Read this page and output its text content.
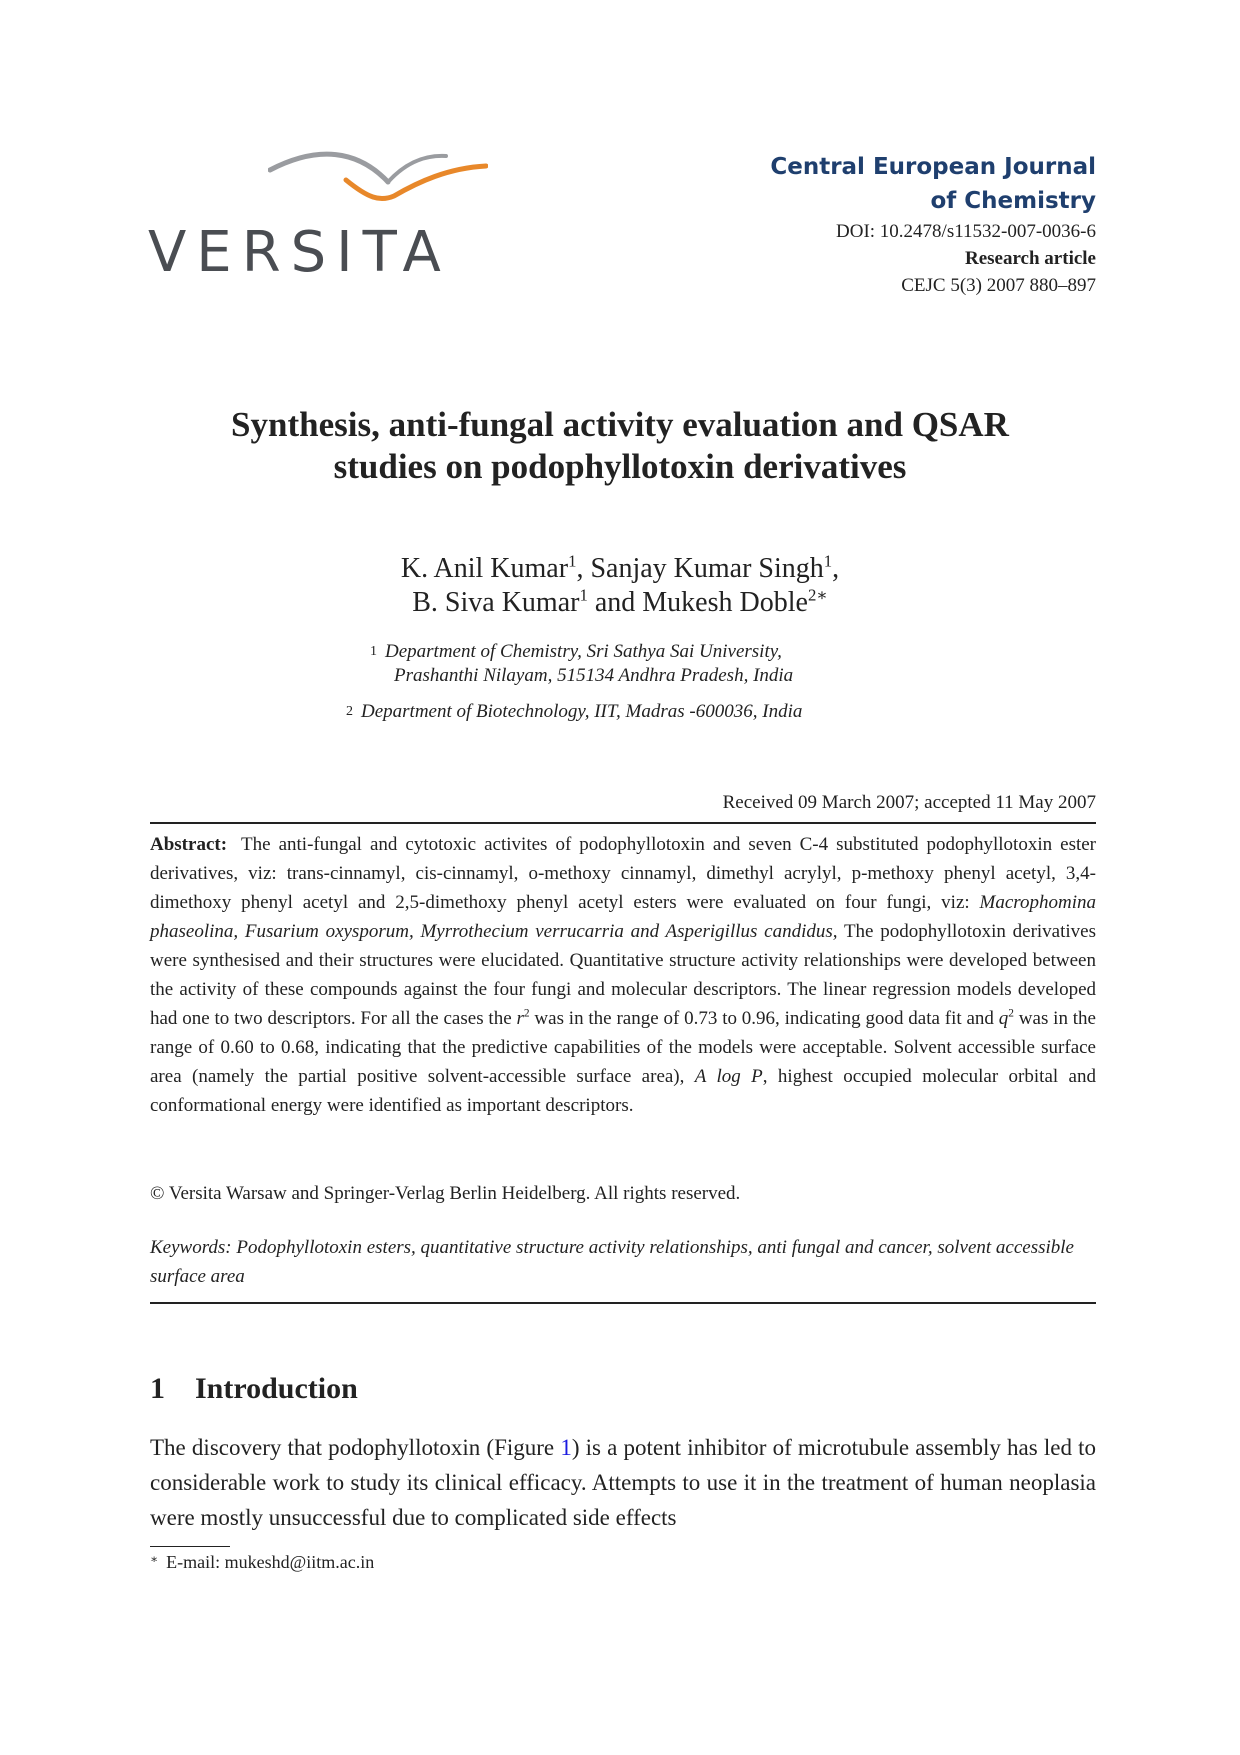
VERSITA
Central European Journal
of Chemistry
DOI: 10.2478/s11532-007-0036-6
Research article
CEJC 5(3) 2007 880–897
Synthesis, anti-fungal activity evaluation and QSAR
studies on podophyllotoxin derivatives
K. Anil Kumar$^1$, Sanjay Kumar Singh$^1$,
B. Siva Kumar$^1$ and Mukesh Doble$^{2∗}$
$^1$ Department of Chemistry, Sri Sathya Sai University,
Prashanthi Nilayam, 515134 Andhra Pradesh, India
$^2$ Department of Biotechnology, IIT, Madras -600036, India
Received 09 March 2007; accepted 11 May 2007
Abstract: The anti-fungal and cytotoxic activites of podophyllotoxin and seven C-4 substituted podophyllotoxin ester derivatives, viz: trans-cinnamyl, cis-cinnamyl, o-methoxy cinnamyl, dimethyl acrylyl, p-methoxy phenyl acetyl, 3,4-dimethoxy phenyl acetyl and 2,5-dimethoxy phenyl acetyl esters were evaluated on four fungi, viz: Macrophomina phaseolina, Fusarium oxysporum, Myrrothecium verrucarria and Asperigillus candidus, The podophyllotoxin derivatives were synthesised and their structures were elucidated. Quantitative structure activity relationships were developed between the activity of these compounds against the four fungi and molecular descriptors. The linear regression models developed had one to two descriptors. For all the cases the $r^2$ was in the range of 0.73 to 0.96, indicating good data fit and $q^2$ was in the range of 0.60 to 0.68, indicating that the predictive capabilities of the models were acceptable. Solvent accessible surface area (namely the partial positive solvent-accessible surface area), A log P, highest occupied molecular orbital and conformational energy were identified as important descriptors.
© Versita Warsaw and Springer-Verlag Berlin Heidelberg. All rights reserved.
Keywords: Podophyllotoxin esters, quantitative structure activity relationships, anti fungal and cancer, solvent accessible surface area
1 Introduction
The discovery that podophyllotoxin (Figure 1) is a potent inhibitor of microtubule assembly has led to considerable work to study its clinical efficacy. Attempts to use it in the treatment of human neoplasia were mostly unsuccessful due to complicated side effects
∗ E-mail: mukeshd@iitm.ac.in
